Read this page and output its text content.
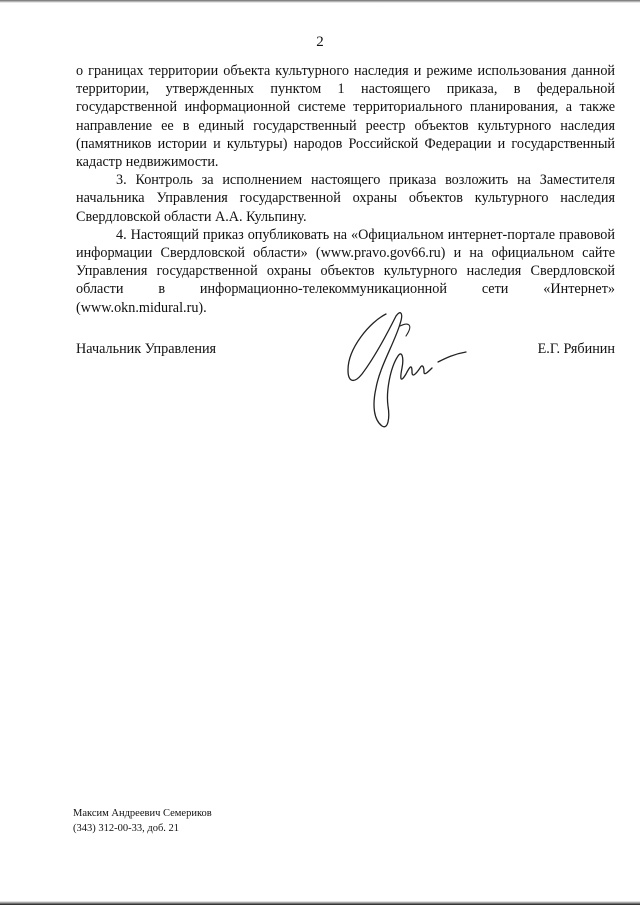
2

о границах территории объекта культурного наследия и режиме использования данной территории, утвержденных пунктом 1 настоящего приказа, в федеральной государственной информационной системе территориального планирования, а также направление ее в единый государственный реестр объектов культурного наследия (памятников истории и культуры) народов Российской Федерации и государственный кадастр недвижимости.

3. Контроль за исполнением настоящего приказа возложить на Заместителя начальника Управления государственной охраны объектов культурного наследия Свердловской области А.А. Кульпину.

4. Настоящий приказ опубликовать на «Официальном интернет-портале правовой информации Свердловской области» (www.pravo.gov66.ru) и на официальном сайте Управления государственной охраны объектов культурного наследия Свердловской области в информационно-телекоммуникационной сети «Интернет» (www.okn.midural.ru).

Начальник Управления	Е.Г. Рябинин
Максим Андреевич Семериков
(343) 312-00-33, доб. 21
